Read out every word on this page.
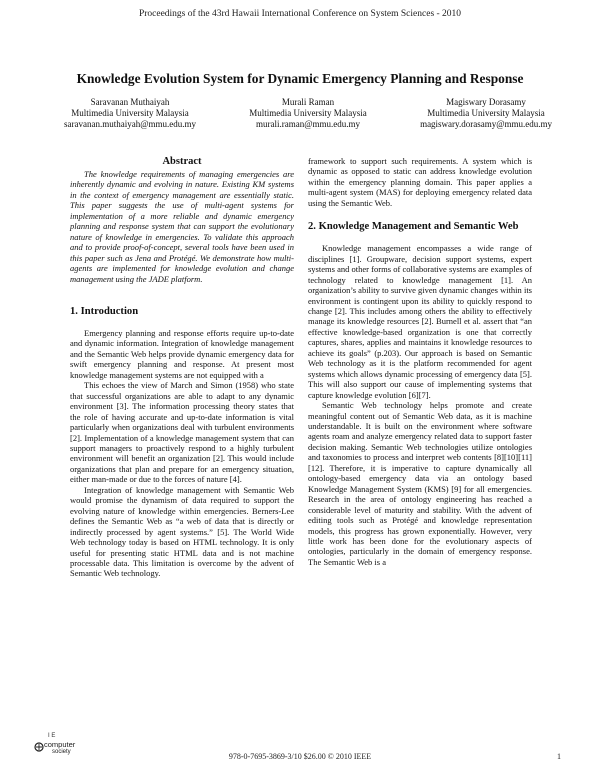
Proceedings of the 43rd Hawaii International Conference on System Sciences - 2010
Knowledge Evolution System for Dynamic Emergency Planning and Response
Saravanan Muthaiyah
Multimedia University Malaysia
saravanan.muthaiyah@mmu.edu.my
Murali Raman
Multimedia University Malaysia
murali.raman@mmu.edu.my
Magiswary Dorasamy
Multimedia University Malaysia
magiswary.dorasamy@mmu.edu.my
Abstract

The knowledge requirements of managing emergencies are inherently dynamic and evolving in nature. Existing KM systems in the context of emergency management are essentially static. This paper suggests the use of multi-agent systems for implementation of a more reliable and dynamic emergency planning and response system that can support the evolutionary nature of knowledge in emergencies. To validate this approach and to provide proof-of-concept, several tools have been used in this paper such as Jena and Protégé. We demonstrate how multi-agents are implemented for knowledge evolution and change management using the JADE platform.

1. Introduction

Emergency planning and response efforts require up-to-date and dynamic information. Integration of knowledge management and the Semantic Web helps provide dynamic emergency data for swift emergency planning and response. At present most knowledge management systems are not equipped with a

This echoes the view of March and Simon (1958) who state that successful organizations are able to adapt to any dynamic environment [3]. The information processing theory states that the role of having accurate and up-to-date information is vital particularly when organizations deal with turbulent environments [2]. Implementation of a knowledge management system that can support managers to proactively respond to a highly turbulent environment will benefit an organization [2]. This would include organizations that plan and prepare for an emergency situation, either man-made or due to the forces of nature [4].

Integration of knowledge management with Semantic Web would promise the dynamism of data required to support the evolving nature of knowledge within emergencies. Berners-Lee defines the Semantic Web as “a web of data that is directly or indirectly processed by agent systems.” [5]. The World Wide Web technology today is based on HTML technology. It is only useful for presenting static HTML data and is not machine processable data. This limitation is overcome by the advent of Semantic Web technology.

framework to support such requirements. A system which is dynamic as opposed to static can address knowledge evolution within the emergency planning domain. This paper applies a multi-agent system (MAS) for deploying emergency related data using the Semantic Web.

2. Knowledge Management and Semantic Web

Knowledge management encompasses a wide range of disciplines [1]. Groupware, decision support systems, expert systems and other forms of collaborative systems are examples of technology related to knowledge management [1]. An organization’s ability to survive given dynamic changes within its environment is contingent upon its ability to quickly respond to change [2]. This includes among others the ability to effectively manage its knowledge resources [2]. Burnell et al. assert that “an effective knowledge-based organization is one that correctly captures, shares, applies and maintains it knowledge resources to achieve its goals” (p.203). Our approach is based on Semantic Web technology as it is the platform recommended for agent systems which allows dynamic processing of emergency data [5]. This will also support our cause of implementing systems that capture knowledge evolution [6][7].

Semantic Web technology helps promote and create meaningful content out of Semantic Web data, as it is machine understandable. It is built on the environment where software agents roam and analyze emergency related data to support faster decision making. Semantic Web technologies utilize ontologies and taxonomies to process and interpret web contents [8][10][11][12]. Therefore, it is imperative to capture dynamically all ontology-based emergency data via an ontology based Knowledge Management System (KMS) [9] for all emergencies. Research in the area of ontology engineering has reached a considerable level of maturity and stability. With the advent of editing tools such as Protégé and knowledge representation models, this progress has grown exponentially. However, very little work has been done for the evolutionary aspects of ontologies, particularly in the domain of emergency response. The Semantic Web is a

I E
computer
society	978-0-7695-3869-3/10 $26.00 © 2010 IEEE	1
